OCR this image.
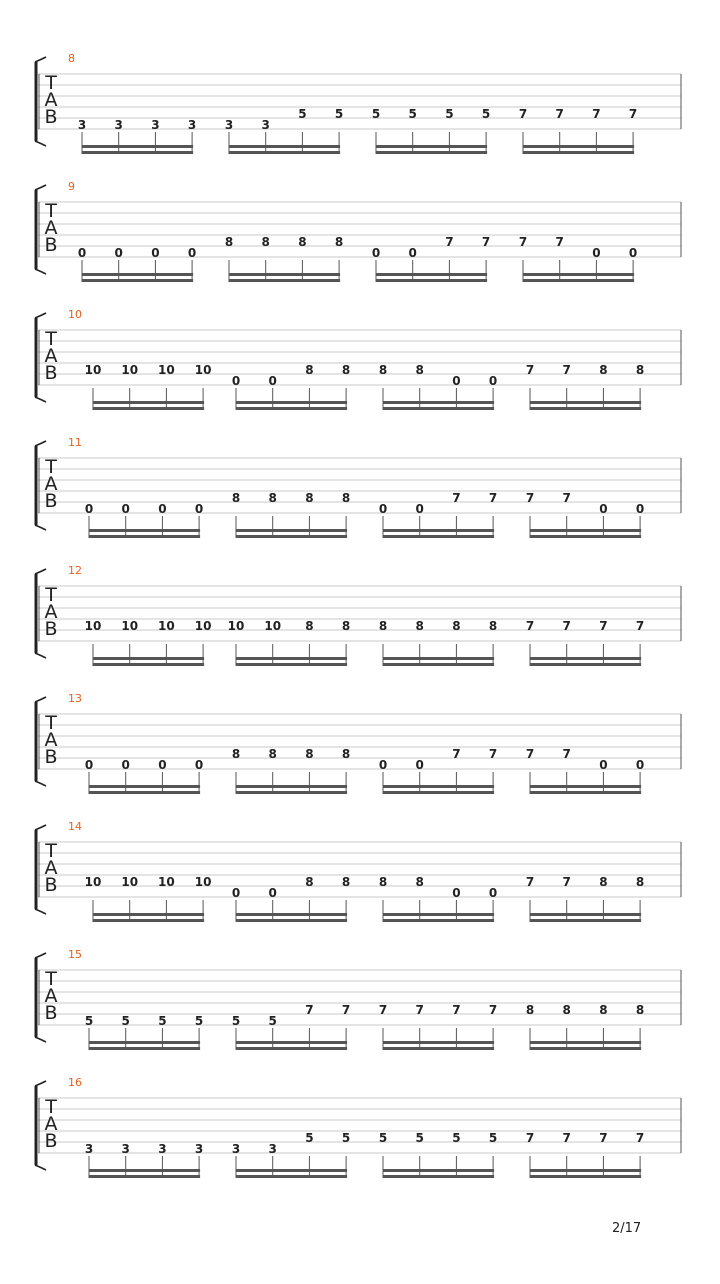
T
A
B
8
3 3 3 3 3 3
5 5 5 5 5 5 7 7 7 7
T
A
B
9
0 0 0 0
8 8 8 8
0 0
7 7 7 7
0 0
T
A
B
10
10 10 10 10
0 0
8 8 8 8
0 0
7 7 8 8
T
A
B
11
0 0 0 0
8 8 8 8
0 0
7 7 7 7
0 0
T
A
B
12
10 10 10 10 10 10 8 8 8 8 8 8 7 7 7 7
T
A
B
13
0 0 0 0
8 8 8 8
0 0
7 7 7 7
0 0
T
A
B
14
10 10 10 10
0 0
8 8 8 8
0 0
7 7 8 8
T
A
B
15
5 5 5 5 5 5
7 7 7 7 7 7 8 8 8 8
T
A
B
16
3 3 3 3 3 3
5 5 5 5 5 5 7 7 7 7
2/17
